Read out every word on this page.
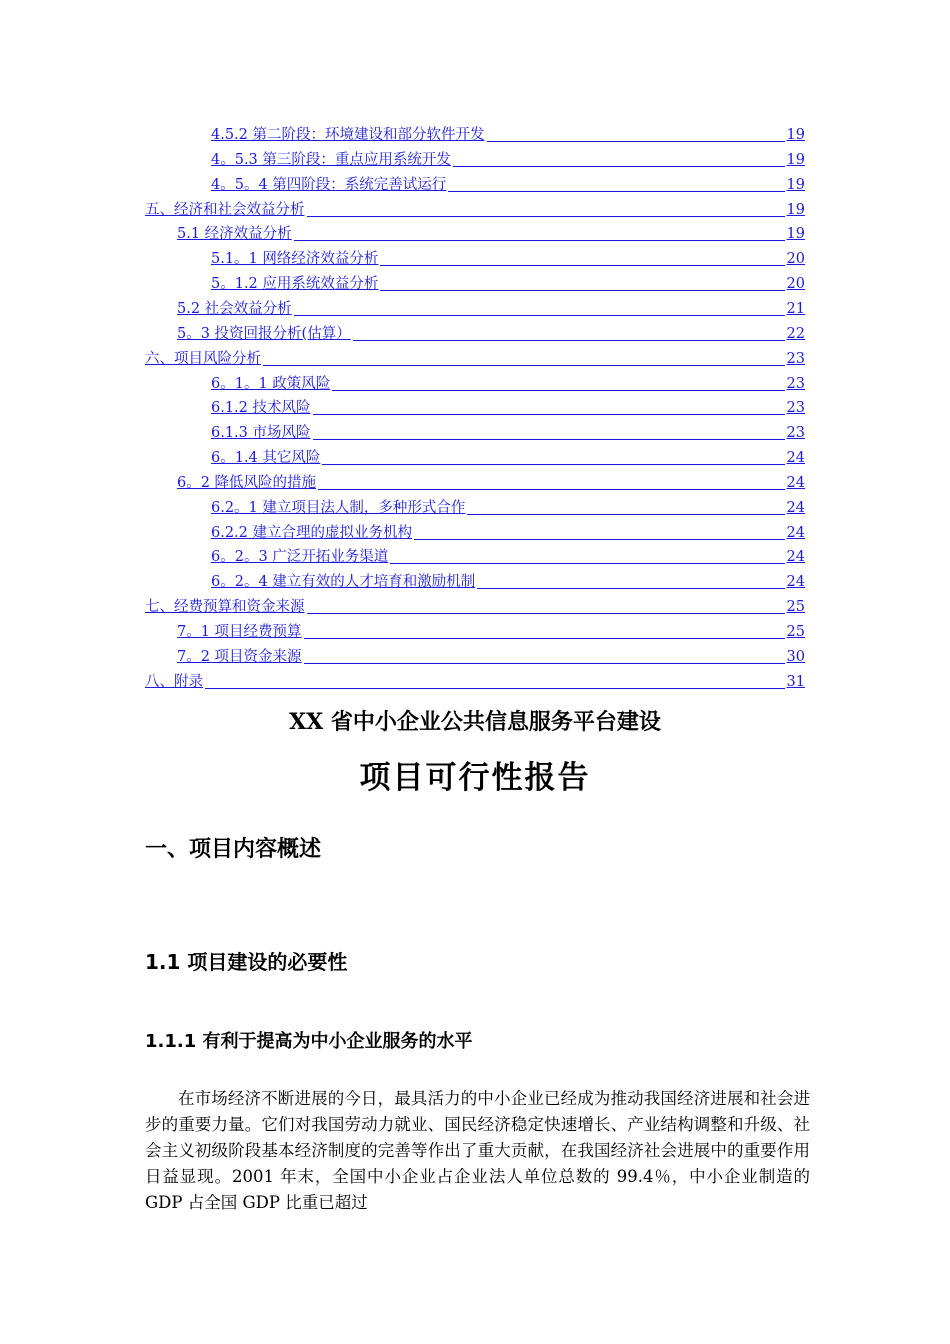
4.5.2 第二阶段：环境建设和部分软件开发 .....	19
4。5.3 第三阶段：重点应用系统开发 .....	19
4。5。4 第四阶段：系统完善试运行 .....	19
五、经济和社会效益分析 .....	19
5.1 经济效益分析 .....	19
5.1。1 网络经济效益分析 .....	20
5。1.2 应用系统效益分析 .....	20
5.2 社会效益分析 .....	21
5。3 投资回报分析(估算） .....	22
六、项目风险分析 .....	23
6。1。1 政策风险 .....	23
6.1.2 技术风险 .....	23
6.1.3 市场风险 .....	23
6。1.4 其它风险 .....	24
6。2 降低风险的措施 .....	24
6.2。1 建立项目法人制，多种形式合作 .....	24
6.2.2 建立合理的虚拟业务机构 .....	24
6。2。3 广泛开拓业务渠道 .....	24
6。2。4 建立有效的人才培育和激励机制 .....	24
七、经费预算和资金来源 .....	25
7。1 项目经费预算 .....	25
7。2 项目资金来源 .....	30
八、附录 .....	31
XX 省中小企业公共信息服务平台建设
项目可行性报告
一、项目内容概述
1.1 项目建设的必要性
1.1.1 有利于提高为中小企业服务的水平

在市场经济不断进展的今日，最具活力的中小企业已经成为推动我国经济进展和社会进步的重要力量。它们对我国劳动力就业、国民经济稳定快速增长、产业结构调整和升级、社会主义初级阶段基本经济制度的完善等作出了重大贡献，在我国经济社会进展中的重要作用日益显现。2001 年末，全国中小企业占企业法人单位总数的 99.4％，中小企业制造的 GDP 占全国 GDP 比重已超过
